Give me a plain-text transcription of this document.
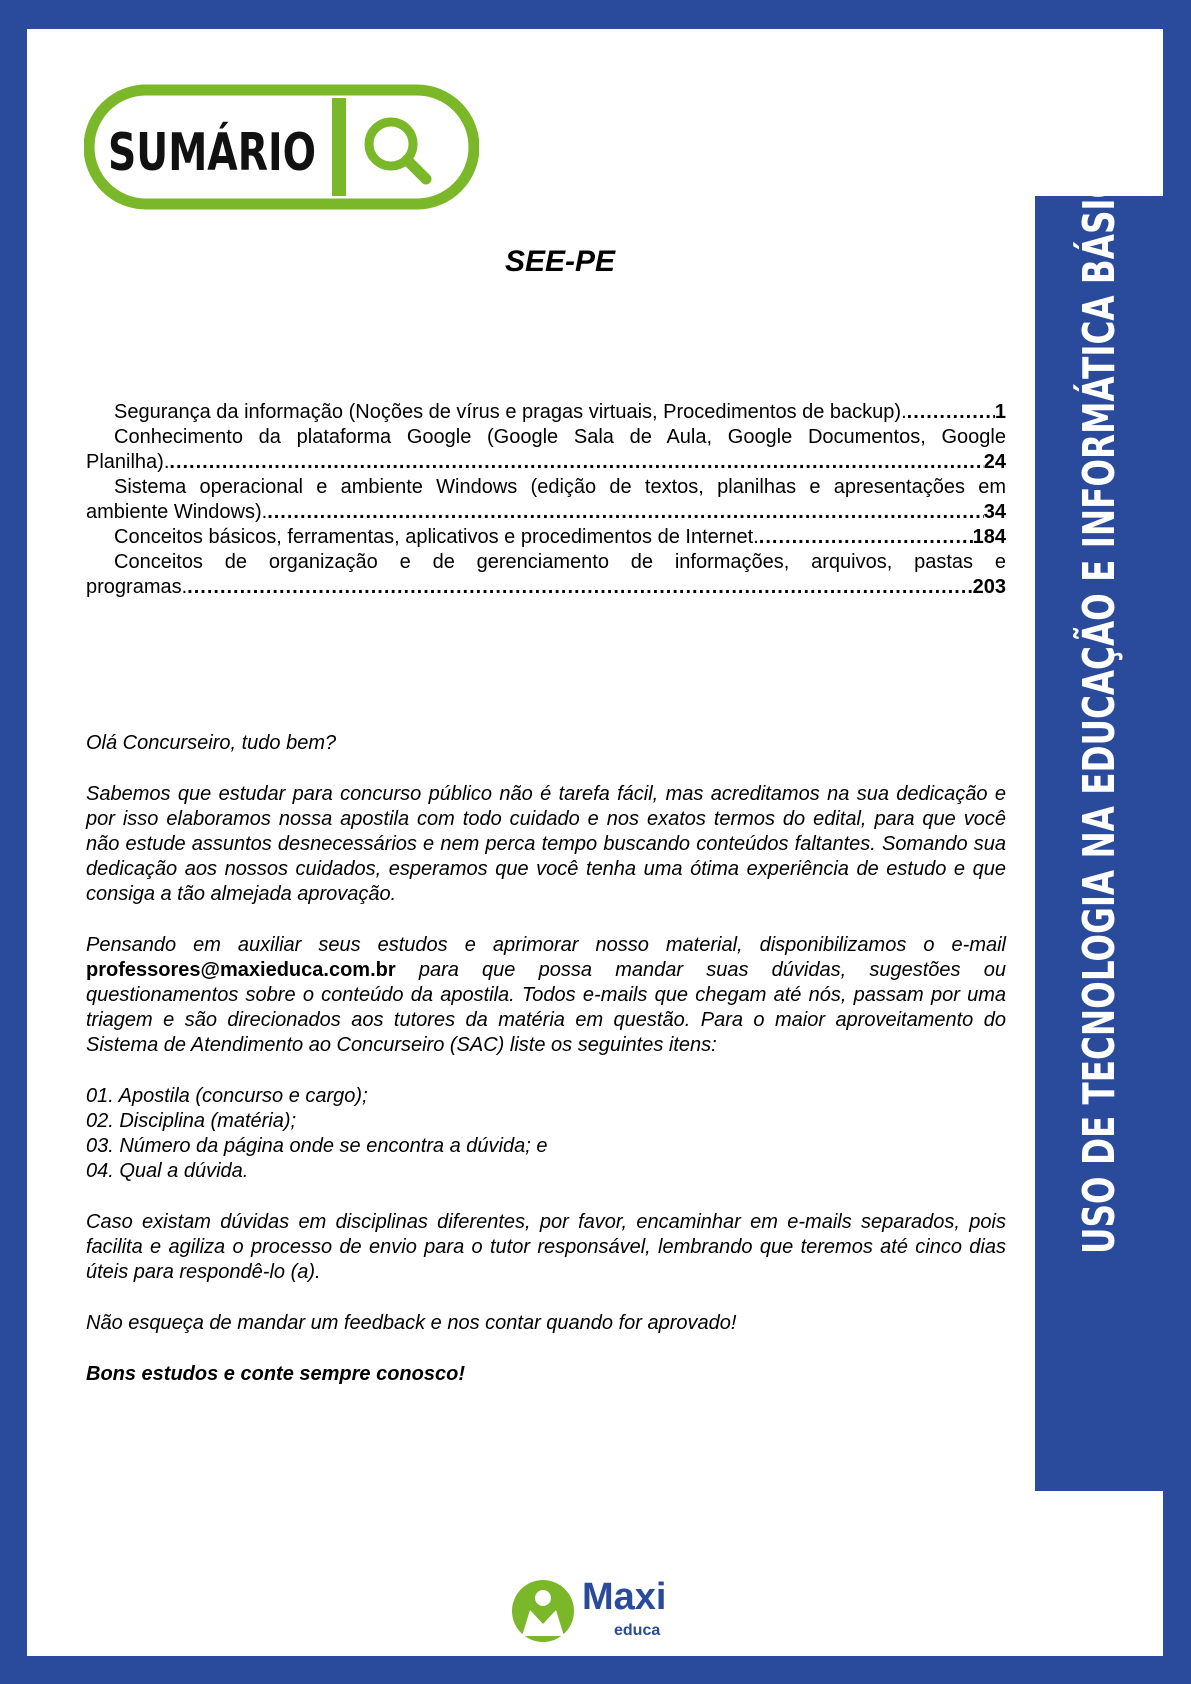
USO DE TECNOLOGIA NA EDUCAÇÃO E INFORMÁTICA BÁSICA
SUMÁRIO
SEE-PE
Segurança da informação (Noções de vírus e pragas virtuais, Procedimentos de backup). .....	1
Conhecimento da plataforma Google (Google Sala de Aula, Google Documentos, Google
Planilha). .....	24
Sistema operacional e ambiente Windows (edição de textos, planilhas e apresentações em
ambiente Windows). .....	34
Conceitos básicos, ferramentas, aplicativos e procedimentos de Internet. .....	184
Conceitos de organização e de gerenciamento de informações, arquivos, pastas e
programas. .....	203

Olá Concurseiro, tudo bem?

Sabemos que estudar para concurso público não é tarefa fácil, mas acreditamos na sua dedicação e por isso elaboramos nossa apostila com todo cuidado e nos exatos termos do edital, para que você não estude assuntos desnecessários e nem perca tempo buscando conteúdos faltantes. Somando sua dedicação aos nossos cuidados, esperamos que você tenha uma ótima experiência de estudo e que consiga a tão almejada aprovação.

Pensando em auxiliar seus estudos e aprimorar nosso material, disponibilizamos o e-mail professores@maxieduca.com.br para que possa mandar suas dúvidas, sugestões ou questionamentos sobre o conteúdo da apostila. Todos e-mails que chegam até nós, passam por uma triagem e são direcionados aos tutores da matéria em questão. Para o maior aproveitamento do Sistema de Atendimento ao Concurseiro (SAC) liste os seguintes itens:

01. Apostila (concurso e cargo);

02. Disciplina (matéria);

03. Número da página onde se encontra a dúvida; e

04. Qual a dúvida.

Caso existam dúvidas em disciplinas diferentes, por favor, encaminhar em e-mails separados, pois facilita e agiliza o processo de envio para o tutor responsável, lembrando que teremos até cinco dias úteis para respondê-lo (a).

Não esqueça de mandar um feedback e nos contar quando for aprovado!

Bons estudos e conte sempre conosco!

Maxi
educa
